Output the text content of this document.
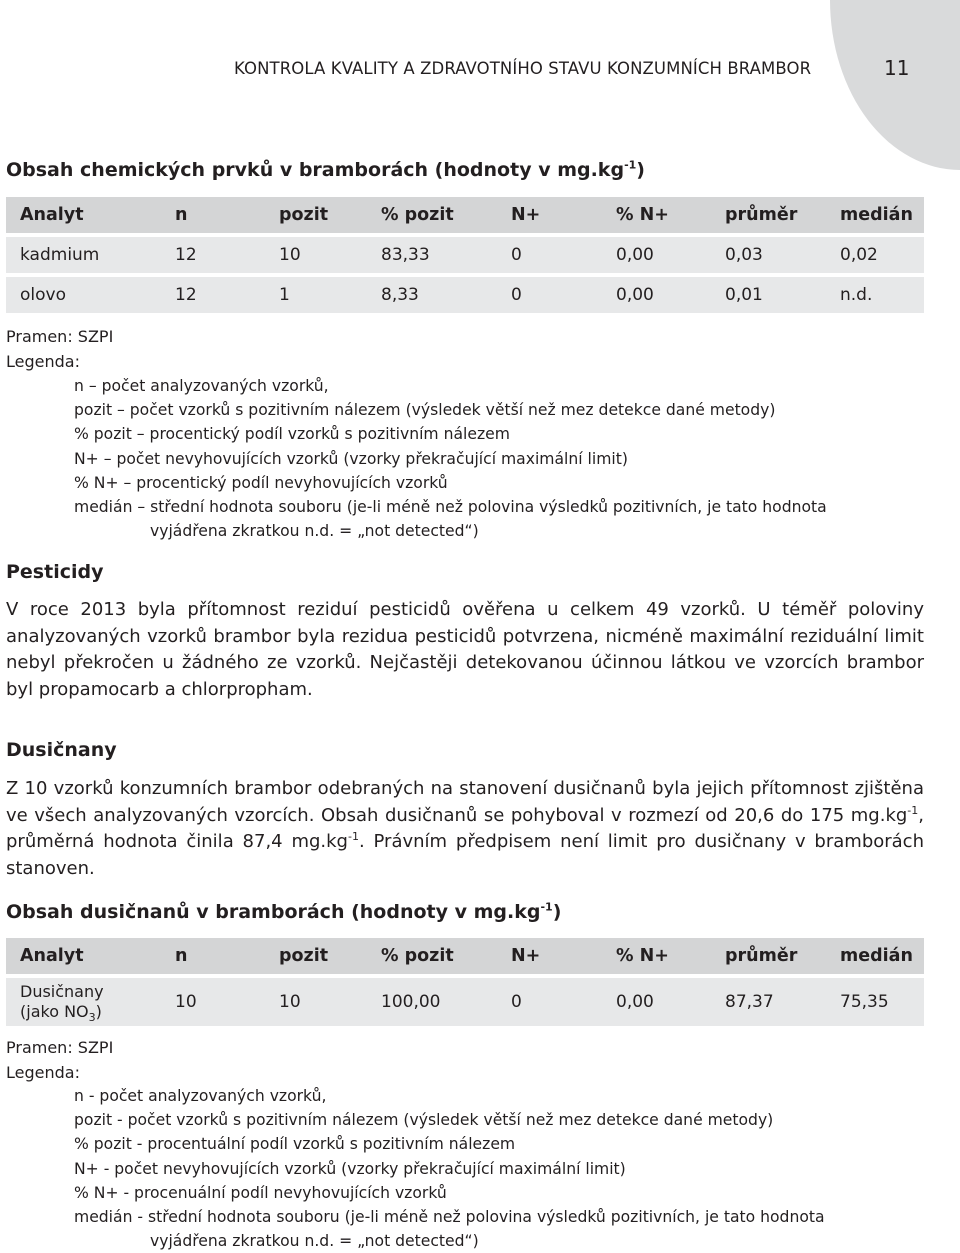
KONTROLA KVALITY A ZDRAVOTNÍHO STAVU KONZUMNÍCH BRAMBOR	11
Obsah chemických prvků v bramborách (hodnoty v $mg.kg^{-1}$)
Analyt	n	pozit	% pozit	N+	% N+	průměr	medián

kadmium	12	10	83,33	0	0,00	0,03	0,02

olovo	12	1	8,33	0	0,00	0,01	n.d.
Pramen: SZPI
Legenda:
n – počet analyzovaných vzorků,
pozit – počet vzorků s pozitivním nálezem (výsledek větší než mez detekce dané metody)
% pozit – procentický podíl vzorků s pozitivním nálezem
N+ – počet nevyhovujících vzorků (vzorky překračující maximální limit)
% N+ – procentický podíl nevyhovujících vzorků
medián – střední hodnota souboru (je-li méně než polovina výsledků pozitivních, je tato hodnota
vyjádřena zkratkou n.d. = „not detected“)
Pesticidy

V roce 2013 byla přítomnost reziduí pesticidů ověřena u celkem 49 vzorků. U téměř poloviny analyzovaných vzorků brambor byla rezidua pesticidů potvrzena, nicméně maximální reziduální limit nebyl překročen u žádného ze vzorků. Nejčastěji detekovanou účinnou látkou ve vzorcích brambor byl propamocarb a chlorpropham.

Dusičnany

Z 10 vzorků konzumních brambor odebraných na stanovení dusičnanů byla jejich přítomnost zjištěna ve všech analyzovaných vzorcích. Obsah dusičnanů se pohyboval v rozmezí od 20,6 do 175 $mg.kg^{-1}$, průměrná hodnota činila 87,4 $mg.kg^{-1}$. Právním předpisem není limit pro dusičnany v bramborách stanoven.

Obsah dusičnanů v bramborách (hodnoty v $mg.kg^{-1}$)
Analyt	n	pozit	% pozit	N+	% N+	průměr	medián

Dusičnany
(jako $NO_3$)	10	10	100,00	0	0,00	87,37	75,35
Pramen: SZPI
Legenda:
n - počet analyzovaných vzorků,
pozit - počet vzorků s pozitivním nálezem (výsledek větší než mez detekce dané metody)
% pozit - procentuální podíl vzorků s pozitivním nálezem
N+ - počet nevyhovujících vzorků (vzorky překračující maximální limit)
% N+ - procenuální podíl nevyhovujících vzorků
medián - střední hodnota souboru (je-li méně než polovina výsledků pozitivních, je tato hodnota
vyjádřena zkratkou n.d. = „not detected“)
